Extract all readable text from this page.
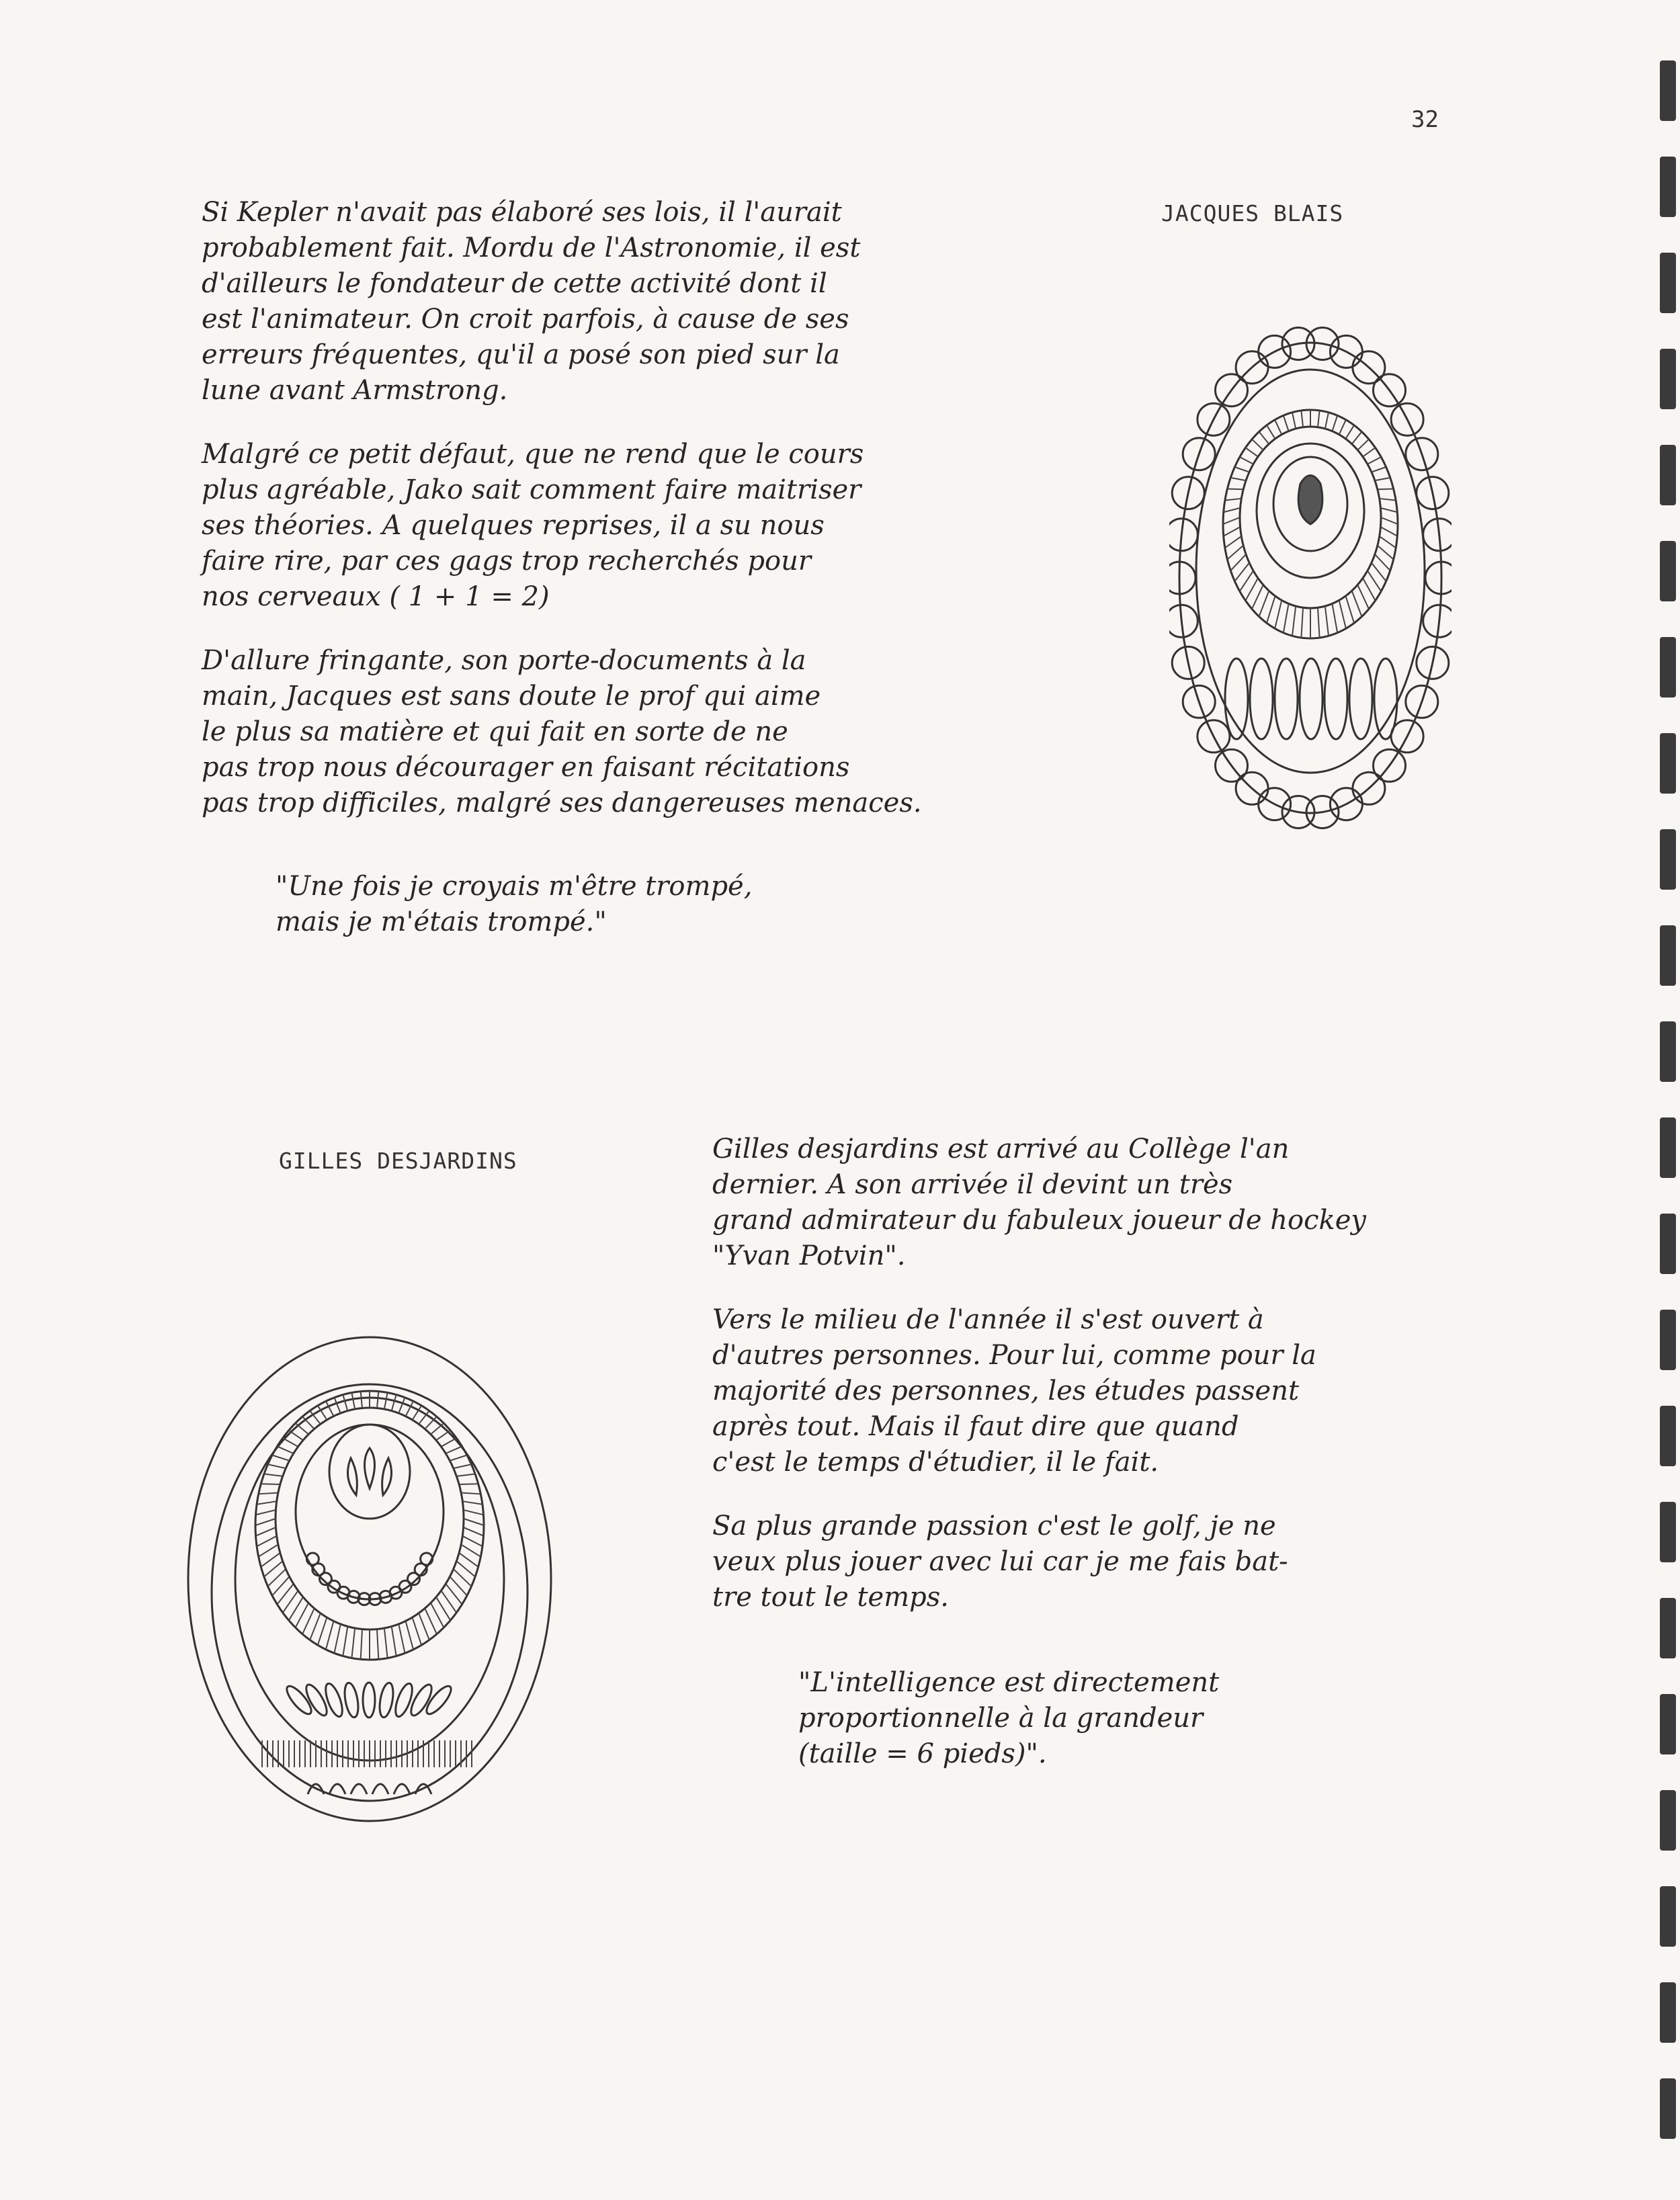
32
JACQUES BLAIS

Si Kepler n'avait pas élaboré ses lois, il l'aurait
probablement fait. Mordu de l'Astronomie, il est
d'ailleurs le fondateur de cette activité dont il
est l'animateur. On croit parfois, à cause de ses
erreurs fréquentes, qu'il a posé son pied sur la
lune avant Armstrong.

Malgré ce petit défaut, que ne rend que le cours
plus agréable, Jako sait comment faire maitriser
ses théories. A quelques reprises, il a su nous
faire rire, par ces gags trop recherchés pour
nos cerveaux ( 1 + 1 = 2)

D'allure fringante, son porte-documents à la
main, Jacques est sans doute le prof qui aime
le plus sa matière et qui fait en sorte de ne
pas trop nous décourager en faisant récitations
pas trop difficiles, malgré ses dangereuses menaces.

"Une fois je croyais m'être trompé,
mais je m'étais trompé."

GILLES DESJARDINS	Gilles desjardins est arrivé au Collège l'an
dernier. A son arrivée il devint un très
grand admirateur du fabuleux joueur de hockey
"Yvan Potvin".

Vers le milieu de l'année il s'est ouvert à
d'autres personnes. Pour lui, comme pour la
majorité des personnes, les études passent
après tout. Mais il faut dire que quand
c'est le temps d'étudier, il le fait.

Sa plus grande passion c'est le golf, je ne
veux plus jouer avec lui car je me fais bat-
tre tout le temps.

"L'intelligence est directement
proportionnelle à la grandeur
(taille = 6 pieds)".
